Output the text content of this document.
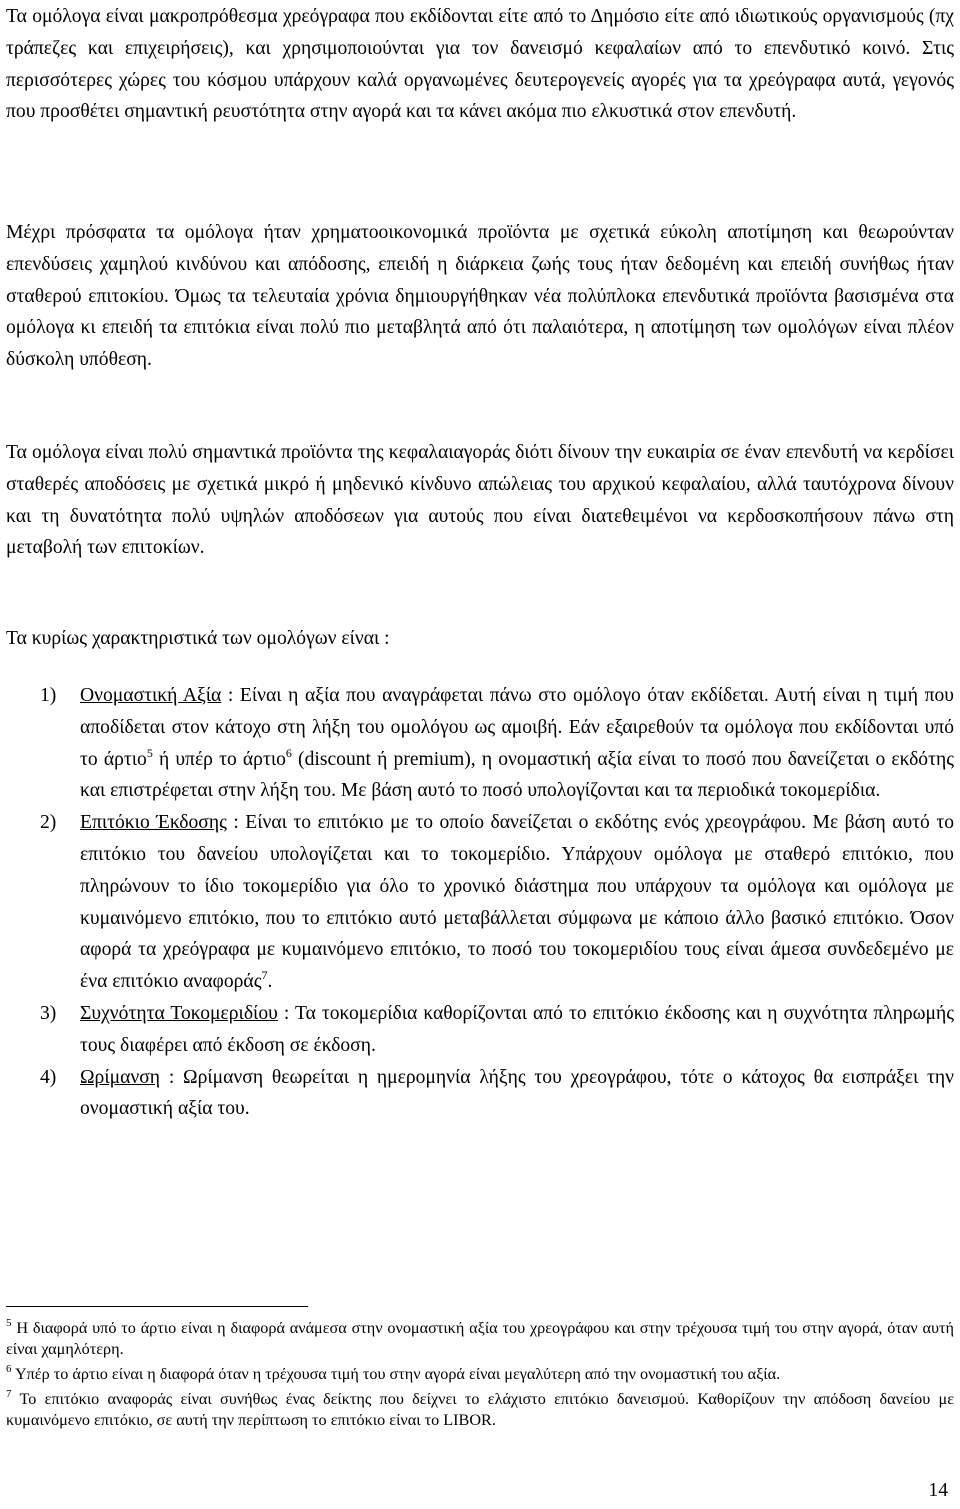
Τα ομόλογα είναι μακροπρόθεσμα χρεόγραφα που εκδίδονται είτε από το Δημόσιο είτε από ιδιωτικούς οργανισμούς (πχ τράπεζες και επιχειρήσεις), και χρησιμοποιούνται για τον δανεισμό κεφαλαίων από το επενδυτικό κοινό. Στις περισσότερες χώρες του κόσμου υπάρχουν καλά οργανωμένες δευτερογενείς αγορές για τα χρεόγραφα αυτά, γεγονός που προσθέτει σημαντική ρευστότητα στην αγορά και τα κάνει ακόμα πιο ελκυστικά στον επενδυτή.

Μέχρι πρόσφατα τα ομόλογα ήταν χρηματοοικονομικά προϊόντα με σχετικά εύκολη αποτίμηση και θεωρούνταν επενδύσεις χαμηλού κινδύνου και απόδοσης, επειδή η διάρκεια ζωής τους ήταν δεδομένη και επειδή συνήθως ήταν σταθερού επιτοκίου. Όμως τα τελευταία χρόνια δημιουργήθηκαν νέα πολύπλοκα επενδυτικά προϊόντα βασισμένα στα ομόλογα κι επειδή τα επιτόκια είναι πολύ πιο μεταβλητά από ότι παλαιότερα, η αποτίμηση των ομολόγων είναι πλέον δύσκολη υπόθεση.

Τα ομόλογα είναι πολύ σημαντικά προϊόντα της κεφαλαιαγοράς διότι δίνουν την ευκαιρία σε έναν επενδυτή να κερδίσει σταθερές αποδόσεις με σχετικά μικρό ή μηδενικό κίνδυνο απώλειας του αρχικού κεφαλαίου, αλλά ταυτόχρονα δίνουν και τη δυνατότητα πολύ υψηλών αποδόσεων για αυτούς που είναι διατεθειμένοι να κερδοσκοπήσουν πάνω στη μεταβολή των επιτοκίων.

Τα κυρίως χαρακτηριστικά των ομολόγων είναι :

1) Ονομαστική Αξία : Είναι η αξία που αναγράφεται πάνω στο ομόλογο όταν εκδίδεται. Αυτή είναι η τιμή που αποδίδεται στον κάτοχο στη λήξη του ομολόγου ως αμοιβή. Εάν εξαιρεθούν τα ομόλογα που εκδίδονται υπό το άρτιο$^5$ ή υπέρ το άρτιο$^6$ (discount ή premium), η ονομαστική αξία είναι το ποσό που δανείζεται ο εκδότης και επιστρέφεται στην λήξη του. Με βάση αυτό το ποσό υπολογίζονται και τα περιοδικά τοκομερίδια.
2) Επιτόκιο Έκδοσης : Είναι το επιτόκιο με το οποίο δανείζεται ο εκδότης ενός χρεογράφου. Με βάση αυτό το επιτόκιο του δανείου υπολογίζεται και το τοκομερίδιο. Υπάρχουν ομόλογα με σταθερό επιτόκιο, που πληρώνουν το ίδιο τοκομερίδιο για όλο το χρονικό διάστημα που υπάρχουν τα ομόλογα και ομόλογα με κυμαινόμενο επιτόκιο, που το επιτόκιο αυτό μεταβάλλεται σύμφωνα με κάποιο άλλο βασικό επιτόκιο. Όσον αφορά τα χρεόγραφα με κυμαινόμενο επιτόκιο, το ποσό του τοκομεριδίου τους είναι άμεσα συνδεδεμένο με ένα επιτόκιο αναφοράς$^7$.
3) Συχνότητα Τοκομεριδίου : Τα τοκομερίδια καθορίζονται από το επιτόκιο έκδοσης και η συχνότητα πληρωμής τους διαφέρει από έκδοση σε έκδοση.
4) Ωρίμανση : Ωρίμανση θεωρείται η ημερομηνία λήξης του χρεογράφου, τότε ο κάτοχος θα εισπράξει την ονομαστική αξία του.

$^5$ Η διαφορά υπό το άρτιο είναι η διαφορά ανάμεσα στην ονομαστική αξία του χρεογράφου και στην τρέχουσα τιμή του στην αγορά, όταν αυτή είναι χαμηλότερη.

$^6$ Υπέρ το άρτιο είναι η διαφορά όταν η τρέχουσα τιμή του στην αγορά είναι μεγαλύτερη από την ονομαστική του αξία.

$^7$ Το επιτόκιο αναφοράς είναι συνήθως ένας δείκτης που δείχνει το ελάχιστο επιτόκιο δανεισμού. Καθορίζουν την απόδοση δανείου με κυμαινόμενο επιτόκιο, σε αυτή την περίπτωση το επιτόκιο είναι το LIBOR.

14
